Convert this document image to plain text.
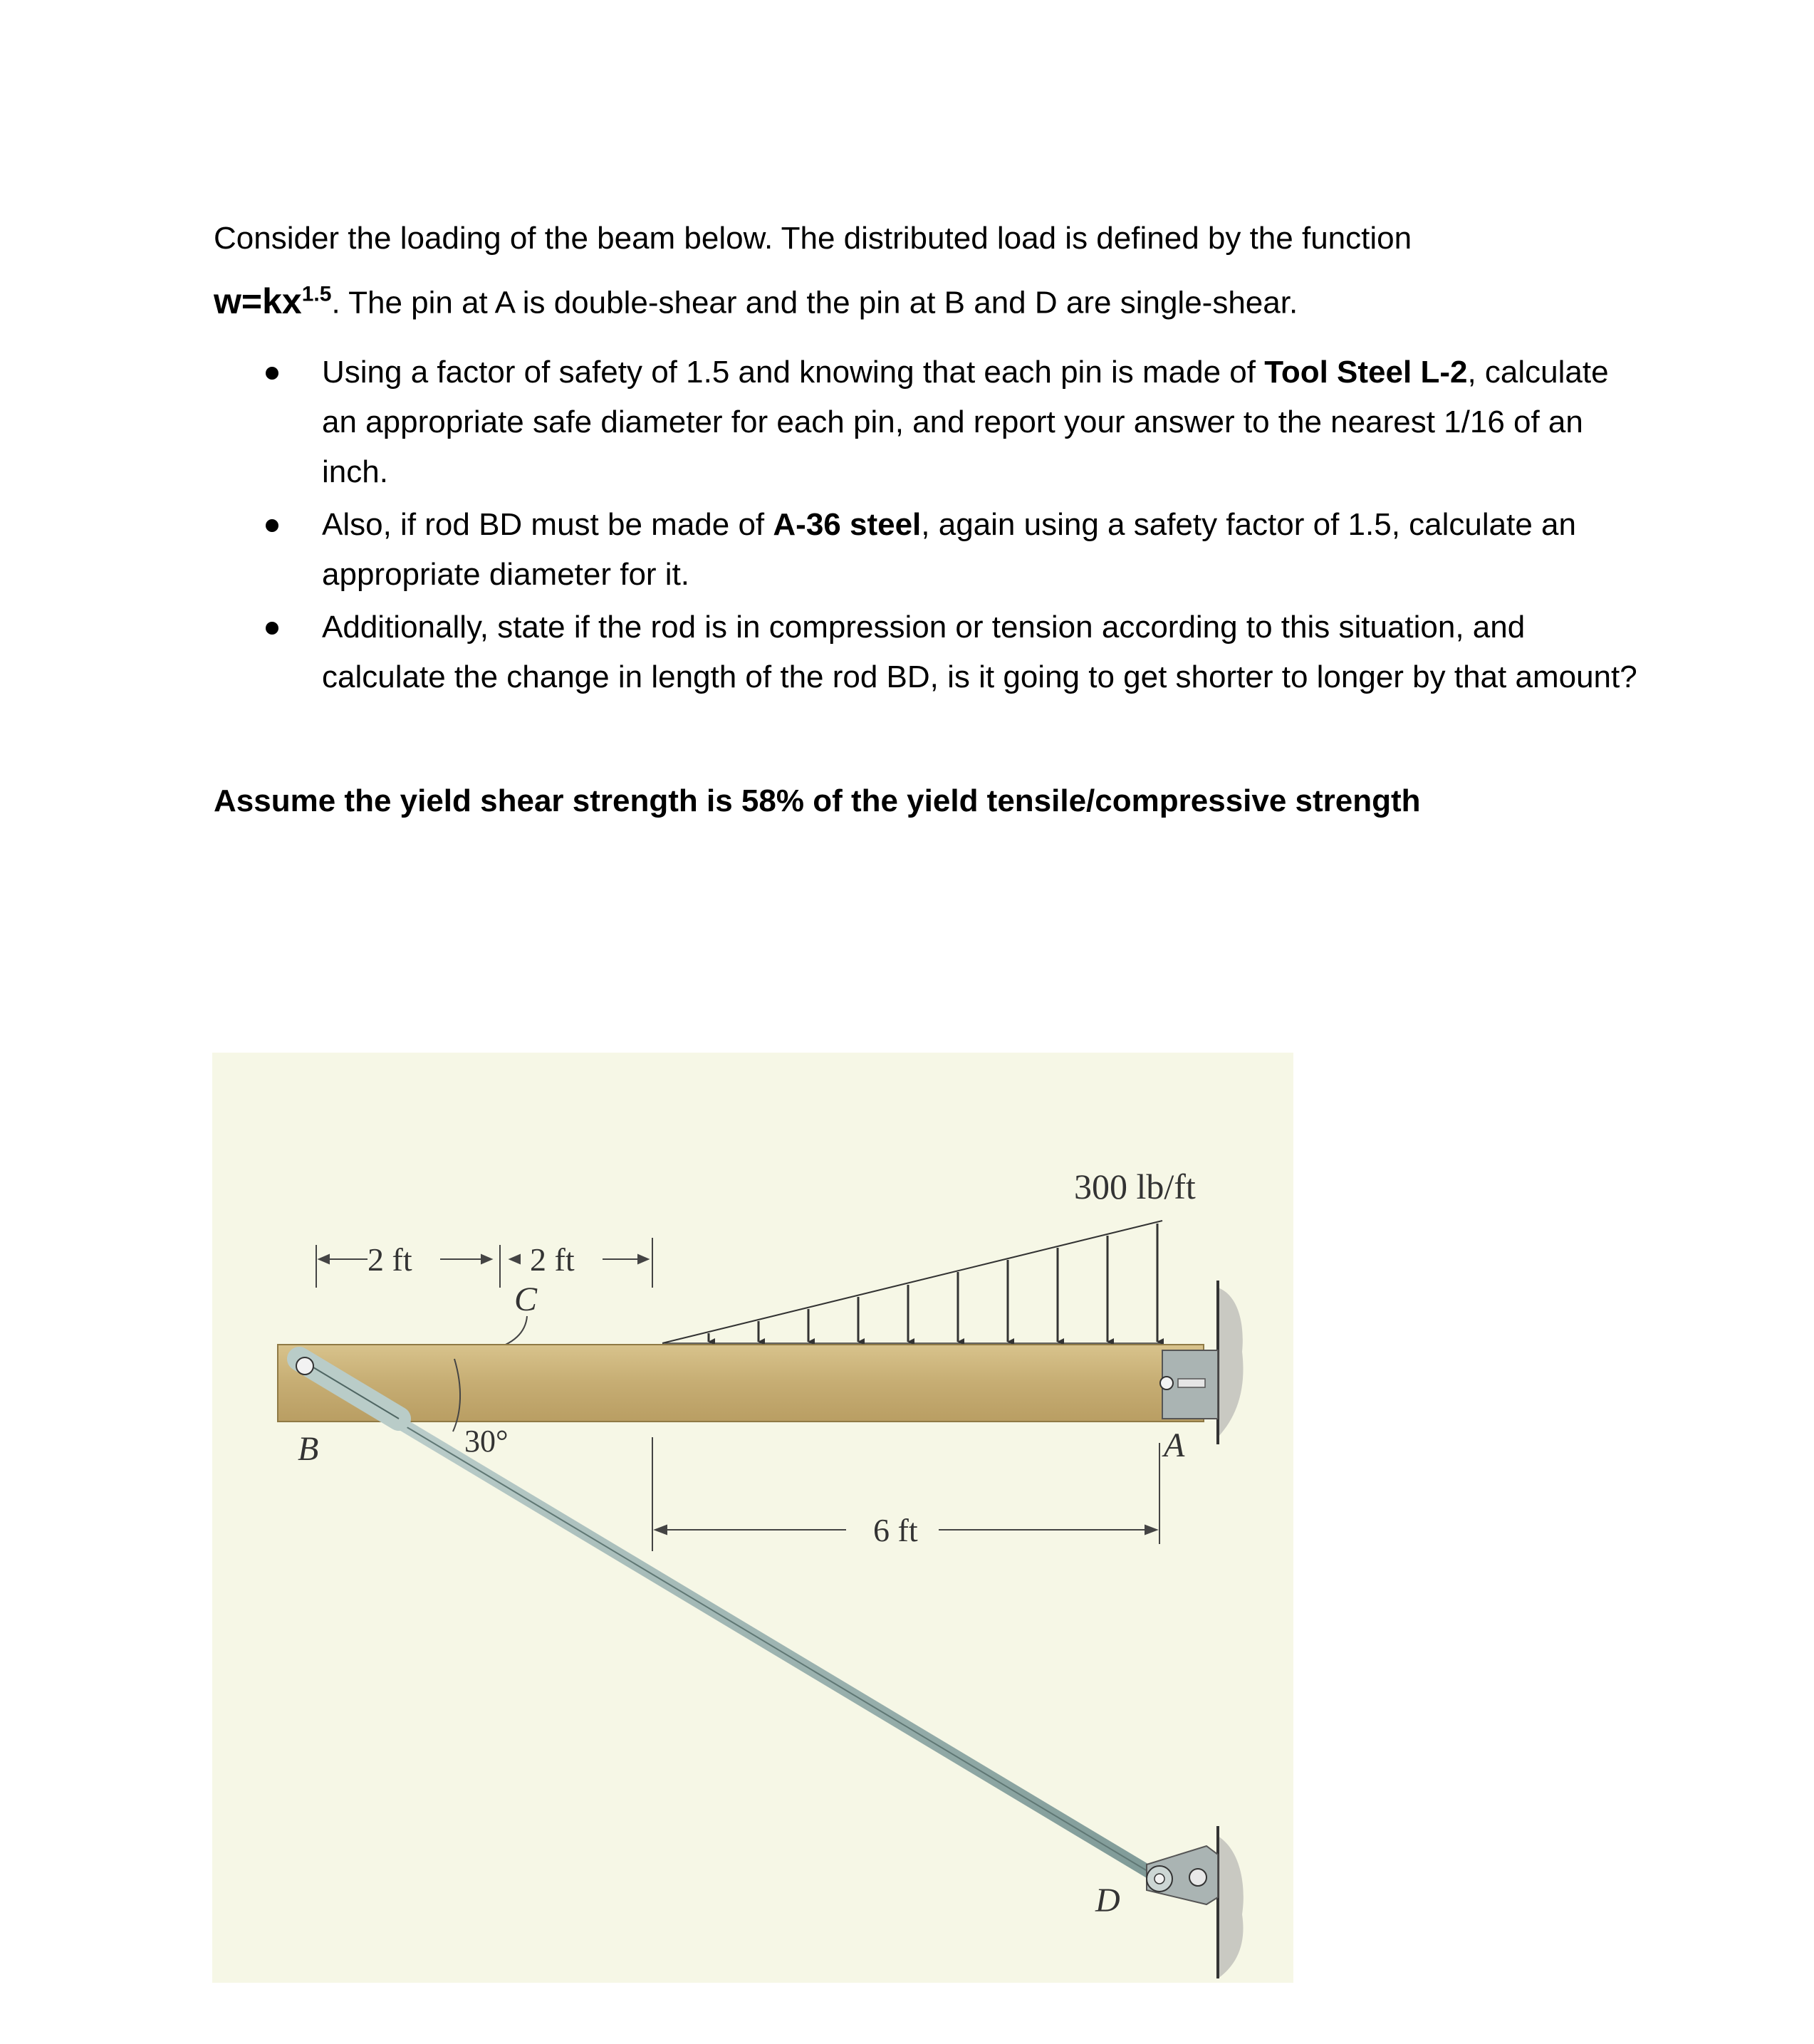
Consider the loading of the beam below. The distributed load is defined by the function
$w=kx^{1.5}$. The pin at A is double-shear and the pin at B and D are single-shear.
Using a factor of safety of 1.5 and knowing that each pin is made of Tool Steel L-2, calculate an appropriate safe diameter for each pin, and report your answer to the nearest 1/16 of an inch.
Also, if rod BD must be made of A-36 steel, again using a safety factor of 1.5, calculate an appropriate diameter for it.
Additionally, state if the rod is in compression or tension according to this situation, and calculate the change in length of the rod BD, is it going to get shorter to longer by that amount?
Assume the yield shear strength is 58% of the yield tensile/compressive strength
300 lb/ft
2 ft	2 ft
C
A
30°
B
6 ft
D
